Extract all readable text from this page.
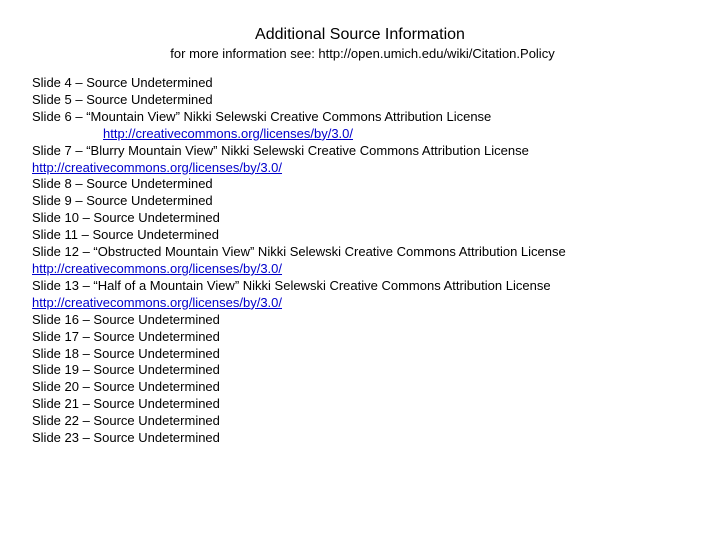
Additional Source Information
for more information see: http://open.umich.edu/wiki/Citation.Policy
Slide 4 – Source Undetermined
Slide 5 – Source Undetermined
Slide 6 – “Mountain View” Nikki Selewski Creative Commons Attribution License
http://creativecommons.org/licenses/by/3.0/
Slide 7 – “Blurry Mountain View” Nikki Selewski Creative Commons Attribution License
http://creativecommons.org/licenses/by/3.0/
Slide 8 – Source Undetermined
Slide 9 – Source Undetermined
Slide 10 – Source Undetermined
Slide 11 – Source Undetermined
Slide 12 – “Obstructed Mountain View” Nikki Selewski Creative Commons Attribution License
http://creativecommons.org/licenses/by/3.0/
Slide 13 – “Half of a Mountain View” Nikki Selewski Creative Commons Attribution License
http://creativecommons.org/licenses/by/3.0/
Slide 16 – Source Undetermined
Slide 17 – Source Undetermined
Slide 18 – Source Undetermined
Slide 19 – Source Undetermined
Slide 20 – Source Undetermined
Slide 21 – Source Undetermined
Slide 22 – Source Undetermined
Slide 23 – Source Undetermined
